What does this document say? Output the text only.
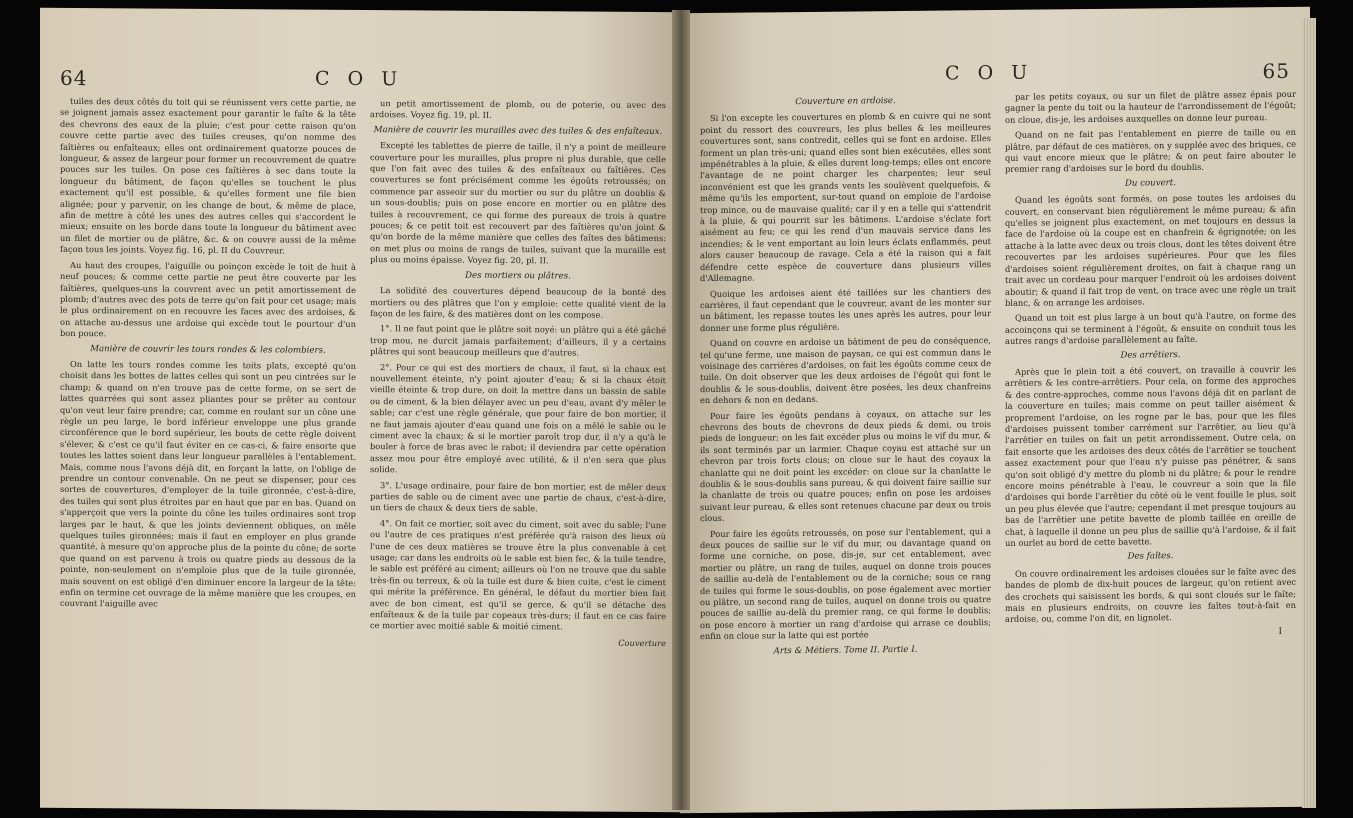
64	C O U

tuiles des deux côtés du toit qui se réunissent vers cette partie, ne se joignent jamais assez exactement pour garantir le faîte & la tête des chevrons des eaux de la pluie; c'est pour cette raison qu'on couvre cette partie avec des tuiles creuses, qu'on nomme des faîtières ou enfaîteaux; elles ont ordinairement quatorze pouces de longueur, & assez de largeur pour former un recouvrement de quatre pouces sur les tuiles. On pose ces faîtières à sec dans toute la longueur du bâtiment, de façon qu'elles se touchent le plus exactement qu'il est possible, & qu'elles forment une file bien alignée; pour y parvenir, on les change de bout, & même de place, afin de mettre à côté les unes des autres celles qui s'accordent le mieux; ensuite on les borde dans toute la longueur du bâtiment avec un filet de mortier ou de plâtre, &c. & on couvre aussi de la même façon tous les joints. Voyez fig. 16, pl. II du Couvreur.

Au haut des croupes, l'aiguille ou poinçon excède le toit de huit à neuf pouces; & comme cette partie ne peut être couverte par les faîtières, quelques-uns la couvrent avec un petit amortissement de plomb; d'autres avec des pots de terre qu'on fait pour cet usage; mais le plus ordinairement on en recouvre les faces avec des ardoises, & on attache au-dessus une ardoise qui excède tout le pourtour d'un bon pouce.

Manière de couvrir les tours rondes & les colombiers.

On latte les tours rondes comme les toits plats, excepté qu'on choisit dans les bottes de lattes celles qui sont un peu cintrées sur le champ; & quand on n'en trouve pas de cette forme, on se sert de lattes quarrées qui sont assez pliantes pour se prêter au contour qu'on veut leur faire prendre; car, comme en roulant sur un cône une règle un peu large, le bord inférieur enveloppe une plus grande circonférence que le bord supérieur, les bouts de cette règle doivent s'élever, & c'est ce qu'il faut éviter en ce cas-ci, & faire ensorte que toutes les lattes soient dans leur longueur parallèles à l'entablement. Mais, comme nous l'avons déjà dit, en forçant la latte, on l'oblige de prendre un contour convenable. On ne peut se dispenser, pour ces sortes de couvertures, d'employer de la tuile gironnée, c'est-à-dire, des tuiles qui sont plus étroites par en haut que par en bas. Quand on s'apperçoit que vers la pointe du cône les tuiles ordinaires sont trop larges par le haut, & que les joints deviennent obliques, on mêle quelques tuiles gironnées; mais il faut en employer en plus grande quantité, à mesure qu'on approche plus de la pointe du cône; de sorte que quand on est parvenu à trois ou quatre pieds au dessous de la pointe, non-seulement on n'emploie plus que de la tuile gironnée, mais souvent on est obligé d'en diminuer encore la largeur de la tête: enfin on termine cet ouvrage de la même manière que les croupes, en couvrant l'aiguille avec

un petit amortissement de plomb, ou de poterie, ou avec des ardoises. Voyez fig. 19, pl. II.

Manière de couvrir les murailles avec des tuiles & des enfaîteaux.

Excepté les tablettes de pierre de taille, il n'y a point de meilleure couverture pour les murailles, plus propre ni plus durable, que celle que l'on fait avec des tuiles & des enfaîteaux ou faîtières. Ces couvertures se font précisément comme les égoûts retroussés; on commence par asseoir sur du mortier ou sur du plâtre un doublis & un sous-doublis; puis on pose encore en mortier ou en plâtre des tuiles à recouvrement, ce qui forme des pureaux de trois à quatre pouces; & ce petit toit est recouvert par des faîtières qu'on joint & qu'on borde de la même manière que celles des faîtes des bâtimens: on met plus ou moins de rangs de tuiles, suivant que la muraille est plus ou moins épaisse. Voyez fig. 20, pl. II.

Des mortiers ou plâtres.

La solidité des couvertures dépend beaucoup de la bonté des mortiers ou des plâtres que l'on y emploie: cette qualité vient de la façon de les faire, & des matières dont on les compose.

1°. Il ne faut point que le plâtre soit noyé: un plâtre qui a été gâché trop mou, ne durcit jamais parfaitement; d'ailleurs, il y a certains plâtres qui sont beaucoup meilleurs que d'autres.

2°. Pour ce qui est des mortiers de chaux, il faut, si la chaux est nouvellement éteinte, n'y point ajouter d'eau; & si la chaux étoit vieille éteinte & trop dure, on doit la mettre dans un bassin de sable ou de ciment, & la bien délayer avec un peu d'eau, avant d'y mêler le sable; car c'est une règle générale, que pour faire de bon mortier, il ne faut jamais ajouter d'eau quand une fois on a mêlé le sable ou le ciment avec la chaux; & si le mortier paroît trop dur, il n'y a qu'à le bouler à force de bras avec le rabot; il deviendra par cette opération assez mou pour être employé avec utilité, & il n'en sera que plus solide.

3°. L'usage ordinaire, pour faire de bon mortier, est de mêler deux parties de sable ou de ciment avec une partie de chaux, c'est-à-dire, un tiers de chaux & deux tiers de sable.

4°. On fait ce mortier, soit avec du ciment, soit avec du sable; l'une ou l'autre de ces pratiques n'est préférée qu'à raison des lieux où l'une de ces deux matières se trouve être la plus convenable à cet usage; car dans les endroits où le sable est bien fec, & la tuile tendre, le sable est préféré au ciment; ailleurs où l'on ne trouve que du sable très-fin ou terreux, & où la tuile est dure & bien cuite, c'est le ciment qui mérite la préférence. En général, le défaut du mortier bien fait avec de bon ciment, est qu'il se gerce, & qu'il se détache des enfaîteaux & de la tuile par copeaux très-durs; il faut en ce cas faire ce mortier avec moitié sable & moitié ciment.

Couverture
C O U	65
Couverture en ardoise.

Si l'on excepte les couvertures en plomb & en cuivre qui ne sont point du ressort des couvreurs, les plus belles & les meilleures couvertures sont, sans contredit, celles qui se font en ardoise. Elles forment un plan très-uni; quand elles sont bien exécutées, elles sont impénétrables à la pluie, & elles durent long-temps; elles ont encore l'avantage de ne point charger les charpentes; leur seul inconvénient est que les grands vents les soulèvent quelquefois, & même qu'ils les emportent, sur-tout quand on emploie de l'ardoise trop mince, ou de mauvaise qualité; car il y en a telle qui s'attendrit à la pluie, & qui pourrit sur les bâtimens. L'ardoise s'éclate fort aisément au feu; ce qui les rend d'un mauvais service dans les incendies; & le vent emportant au loin leurs éclats enflammés, peut alors causer beaucoup de ravage. Cela a été la raison qui a fait défendre cette espèce de couverture dans plusieurs villes d'Allemagne.

Quoique les ardoises aient été taillées sur les chantiers des carrières, il faut cependant que le couvreur, avant de les monter sur un bâtiment, les repasse toutes les unes après les autres, pour leur donner une forme plus régulière.

Quand on couvre en ardoise un bâtiment de peu de conséquence, tel qu'une ferme, une maison de paysan, ce qui est commun dans le voisinage des carrières d'ardoises, on fait les égoûts comme ceux de tuile. On doit observer que les deux ardoises de l'égoût qui font le doublis & le sous-doublis, doivent être posées, les deux chanfreins en dehors & non en dedans.

Pour faire les égoûts pendans à coyaux, on attache sur les chevrons des bouts de chevrons de deux pieds & demi, ou trois pieds de longueur; on les fait excéder plus ou moins le vif du mur, & ils sont terminés par un larmier. Chaque coyau est attaché sur un chevron par trois forts clous; on cloue sur le haut des coyaux la chanlatte qui ne doit point les excéder: on cloue sur la chanlatte le doublis & le sous-doublis sans pureau, & qui doivent faire saillie sur la chanlatte de trois ou quatre pouces; enfin on pose les ardoises suivant leur pureau, & elles sont retenues chacune par deux ou trois clous.

Pour faire les égoûts retroussés, on pose sur l'entablement, qui a deux pouces de saillie sur le vif du mur, ou davantage quand on forme une corniche, on pose, dis-je, sur cet entablement, avec mortier ou plâtre, un rang de tuiles, auquel on donne trois pouces de saillie au-delà de l'entablement ou de la corniche; sous ce rang de tuiles qui forme le sous-doublis, on pose également avec mortier ou plâtre, un second rang de tuiles, auquel on donne trois ou quatre pouces de saillie au-delà du premier rang, ce qui forme le doublis; on pose encore à mortier un rang d'ardoise qui arrase ce doublis; enfin on cloue sur la latte qui est portée

Arts & Métiers. Tome II. Partie I.

par les petits coyaux, ou sur un filet de plâtre assez épais pour gagner la pente du toit ou la hauteur de l'arrondissement de l'égoût; on cloue, dis-je, les ardoises auxquelles on donne leur pureau.

Quand on ne fait pas l'entablement en pierre de taille ou en plâtre, par défaut de ces matières, on y supplée avec des briques, ce qui vaut encore mieux que le plâtre; & on peut faire abouter le premier rang d'ardoises sur le bord du doublis.

Du couvert.

Quand les égoûts sont formés, on pose toutes les ardoises du couvert, en conservant bien régulièrement le même pureau; & afin qu'elles se joignent plus exactement, on met toujours en dessus la face de l'ardoise où la coupe est en chanfrein & égrignotée; on les attache à la latte avec deux ou trois clous, dont les têtes doivent être recouvertes par les ardoises supérieures. Pour que les files d'ardoises soient régulièrement droites, on fait à chaque rang un trait avec un cordeau pour marquer l'endroit où les ardoises doivent aboutir; & quand il fait trop de vent, on trace avec une règle un trait blanc, & on arrange les ardoises.

Quand un toit est plus large à un bout qu'à l'autre, on forme des accoinçons qui se terminent à l'égoût, & ensuite on conduit tous les autres rangs d'ardoise parallèlement au faîte.

Des arrêtiers.

Après que le plein toit a été couvert, on travaille à couvrir les arrêtiers & les contre-arrêtiers. Pour cela, on forme des approches & des contre-approches, comme nous l'avons déjà dit en parlant de la couverture en tuiles; mais comme on peut tailler aisément & proprement l'ardoise, on les rogne par le bas, pour que les files d'ardoises puissent tomber carrément sur l'arrêtier, au lieu qu'à l'arrêtier en tuiles on fait un petit arrondissement. Outre cela, on fait ensorte que les ardoises des deux côtés de l'arrêtier se touchent assez exactement pour que l'eau n'y puisse pas pénétrer, & sans qu'on soit obligé d'y mettre du plomb ni du plâtre; & pour le rendre encore moins pénétrable à l'eau, le couvreur a soin que la file d'ardoises qui borde l'arrêtier du côté où le vent fouille le plus, soit un peu plus élevée que l'autre; cependant il met presque toujours au bas de l'arrêtier une petite bavette de plomb taillée en oreille de chat, à laquelle il donne un peu plus de saillie qu'à l'ardoise, & il fait un ourlet au bord de cette bavette.

Des faîtes.

On couvre ordinairement les ardoises clouées sur le faîte avec des bandes de plomb de dix-huit pouces de largeur, qu'on retient avec des crochets qui saisissent les bords, & qui sont cloués sur le faîte; mais en plusieurs endroits, on couvre les faîtes tout-à-fait en ardoise, ou, comme l'on dit, en lignolet.

I
